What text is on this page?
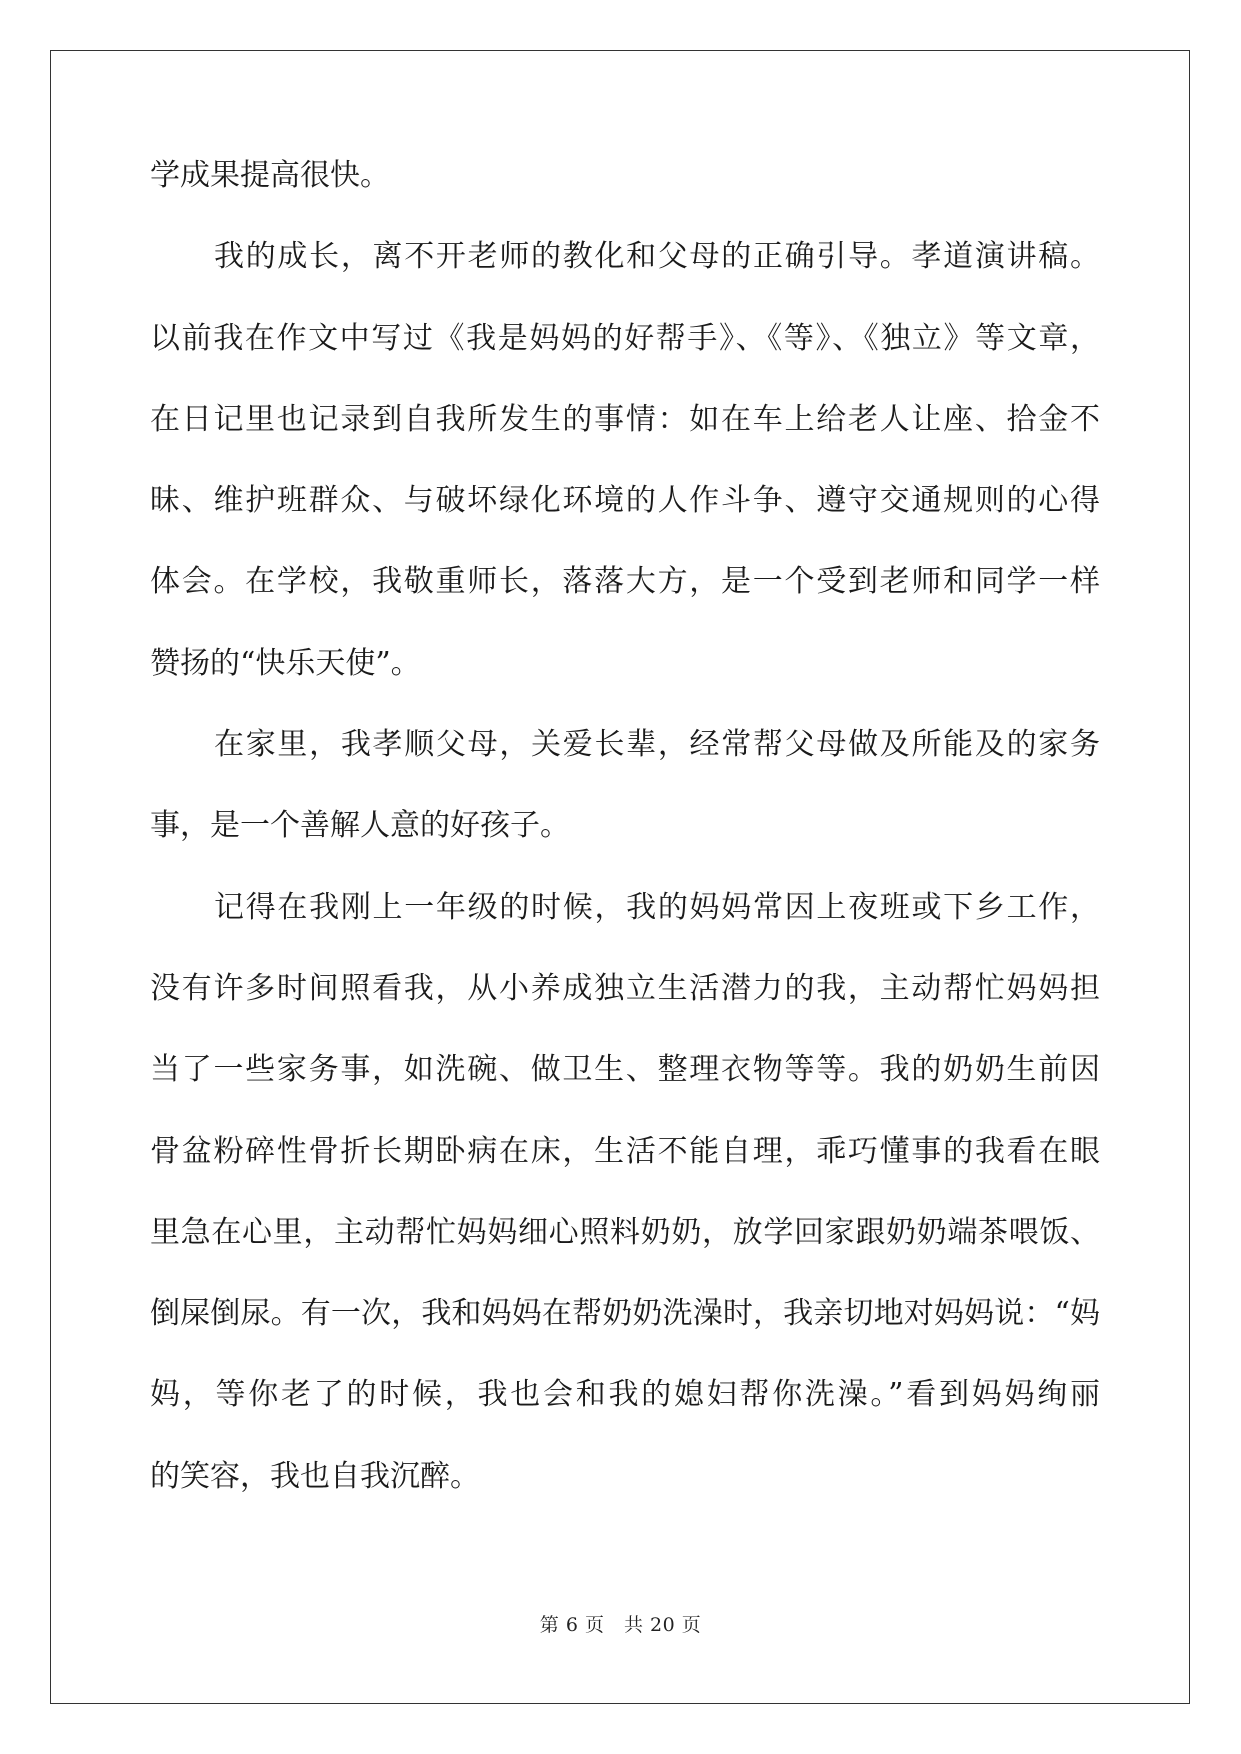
学成果提高很快。
我的成长，离不开老师的教化和父母的正确引导。孝道演讲稿。
以前我在作文中写过《我是妈妈的好帮手》、《等》、《独立》等文章，
在日记里也记录到自我所发生的事情：如在车上给老人让座、拾金不
昧、维护班群众、与破坏绿化环境的人作斗争、遵守交通规则的心得
体会。在学校，我敬重师长，落落大方，是一个受到老师和同学一样
赞扬的“快乐天使”。
在家里，我孝顺父母，关爱长辈，经常帮父母做及所能及的家务
事，是一个善解人意的好孩子。
记得在我刚上一年级的时候，我的妈妈常因上夜班或下乡工作，
没有许多时间照看我，从小养成独立生活潜力的我，主动帮忙妈妈担
当了一些家务事，如洗碗、做卫生、整理衣物等等。我的奶奶生前因
骨盆粉碎性骨折长期卧病在床，生活不能自理，乖巧懂事的我看在眼
里急在心里，主动帮忙妈妈细心照料奶奶，放学回家跟奶奶端茶喂饭、
倒屎倒尿。有一次，我和妈妈在帮奶奶洗澡时，我亲切地对妈妈说：“妈
妈，等你老了的时候，我也会和我的媳妇帮你洗澡。”看到妈妈绚丽
的笑容，我也自我沉醉。
第 6 页　共 20 页
